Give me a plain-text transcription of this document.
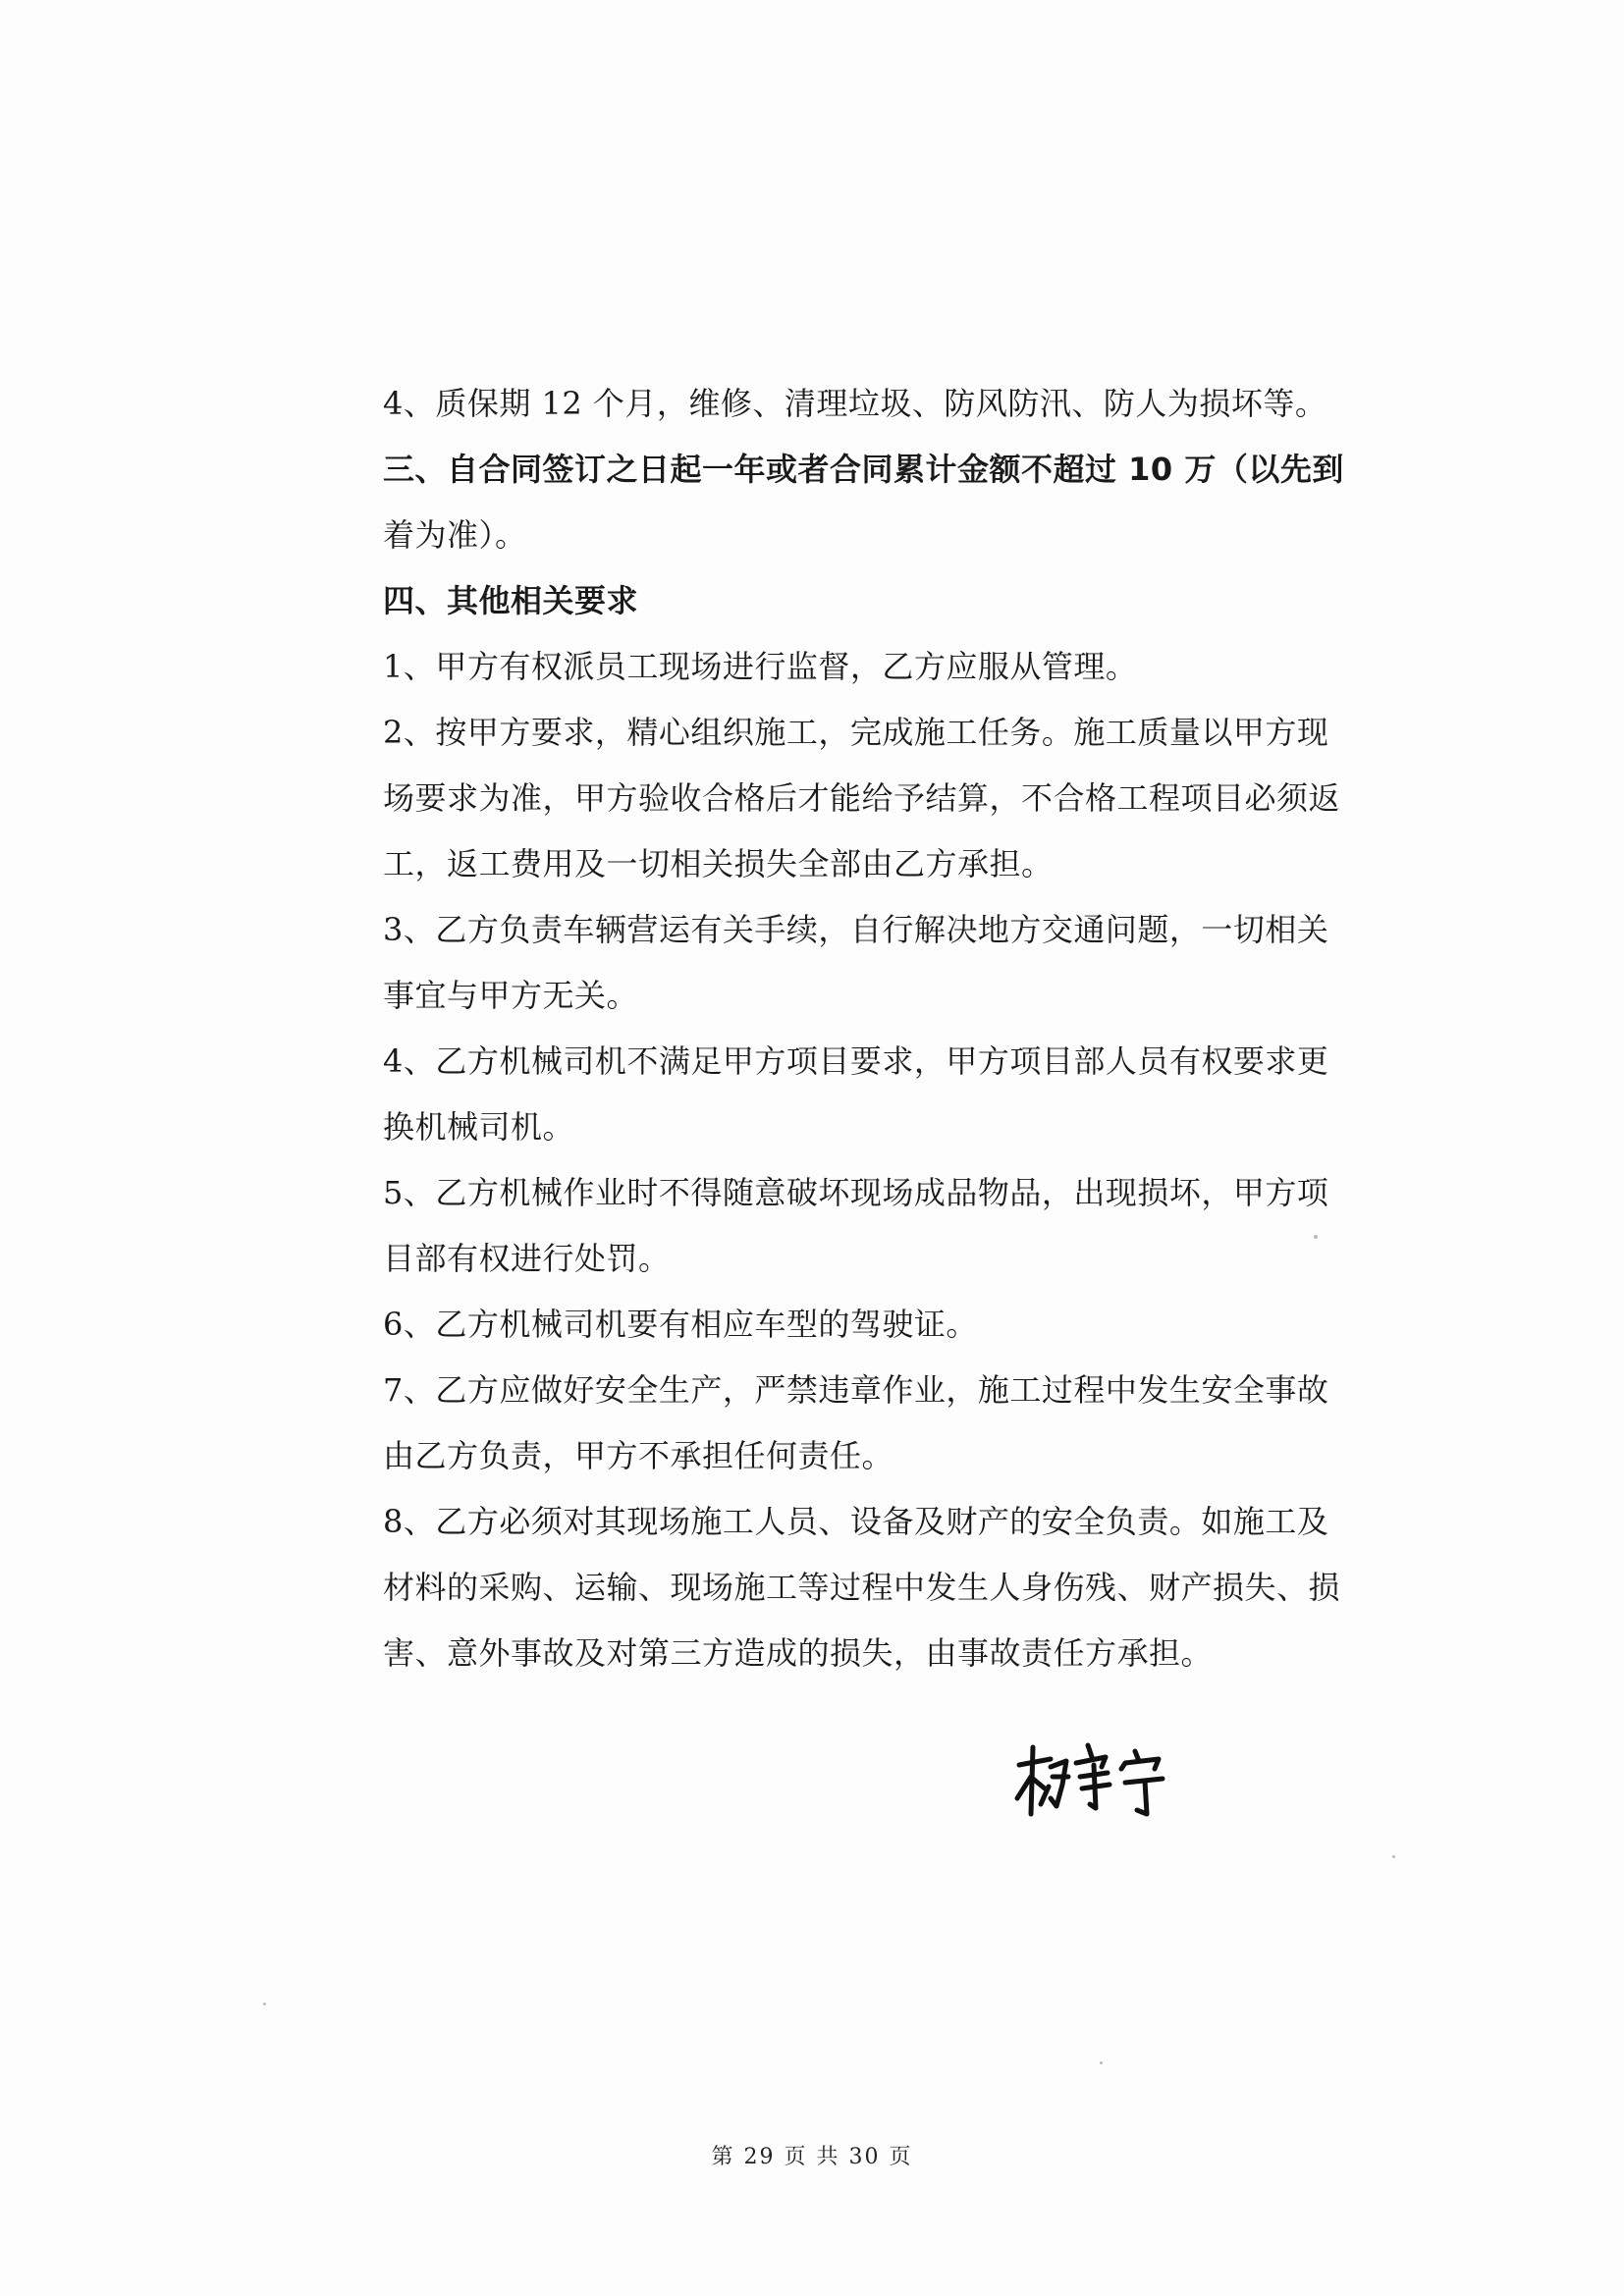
4、质保期 12 个月，维修、清理垃圾、防风防汛、防人为损坏等。
三、自合同签订之日起一年或者合同累计金额不超过 10 万（以先到
着为准）。
四、其他相关要求
1、甲方有权派员工现场进行监督，乙方应服从管理。
2、按甲方要求，精心组织施工，完成施工任务。施工质量以甲方现
场要求为准，甲方验收合格后才能给予结算，不合格工程项目必须返
工，返工费用及一切相关损失全部由乙方承担。
3、乙方负责车辆营运有关手续，自行解决地方交通问题，一切相关
事宜与甲方无关。
4、乙方机械司机不满足甲方项目要求，甲方项目部人员有权要求更
换机械司机。
5、乙方机械作业时不得随意破坏现场成品物品，出现损坏，甲方项
目部有权进行处罚。
6、乙方机械司机要有相应车型的驾驶证。
7、乙方应做好安全生产，严禁违章作业，施工过程中发生安全事故
由乙方负责，甲方不承担任何责任。
8、乙方必须对其现场施工人员、设备及财产的安全负责。如施工及
材料的采购、运输、现场施工等过程中发生人身伤残、财产损失、损
害、意外事故及对第三方造成的损失，由事故责任方承担。
第 29 页 共 30 页
